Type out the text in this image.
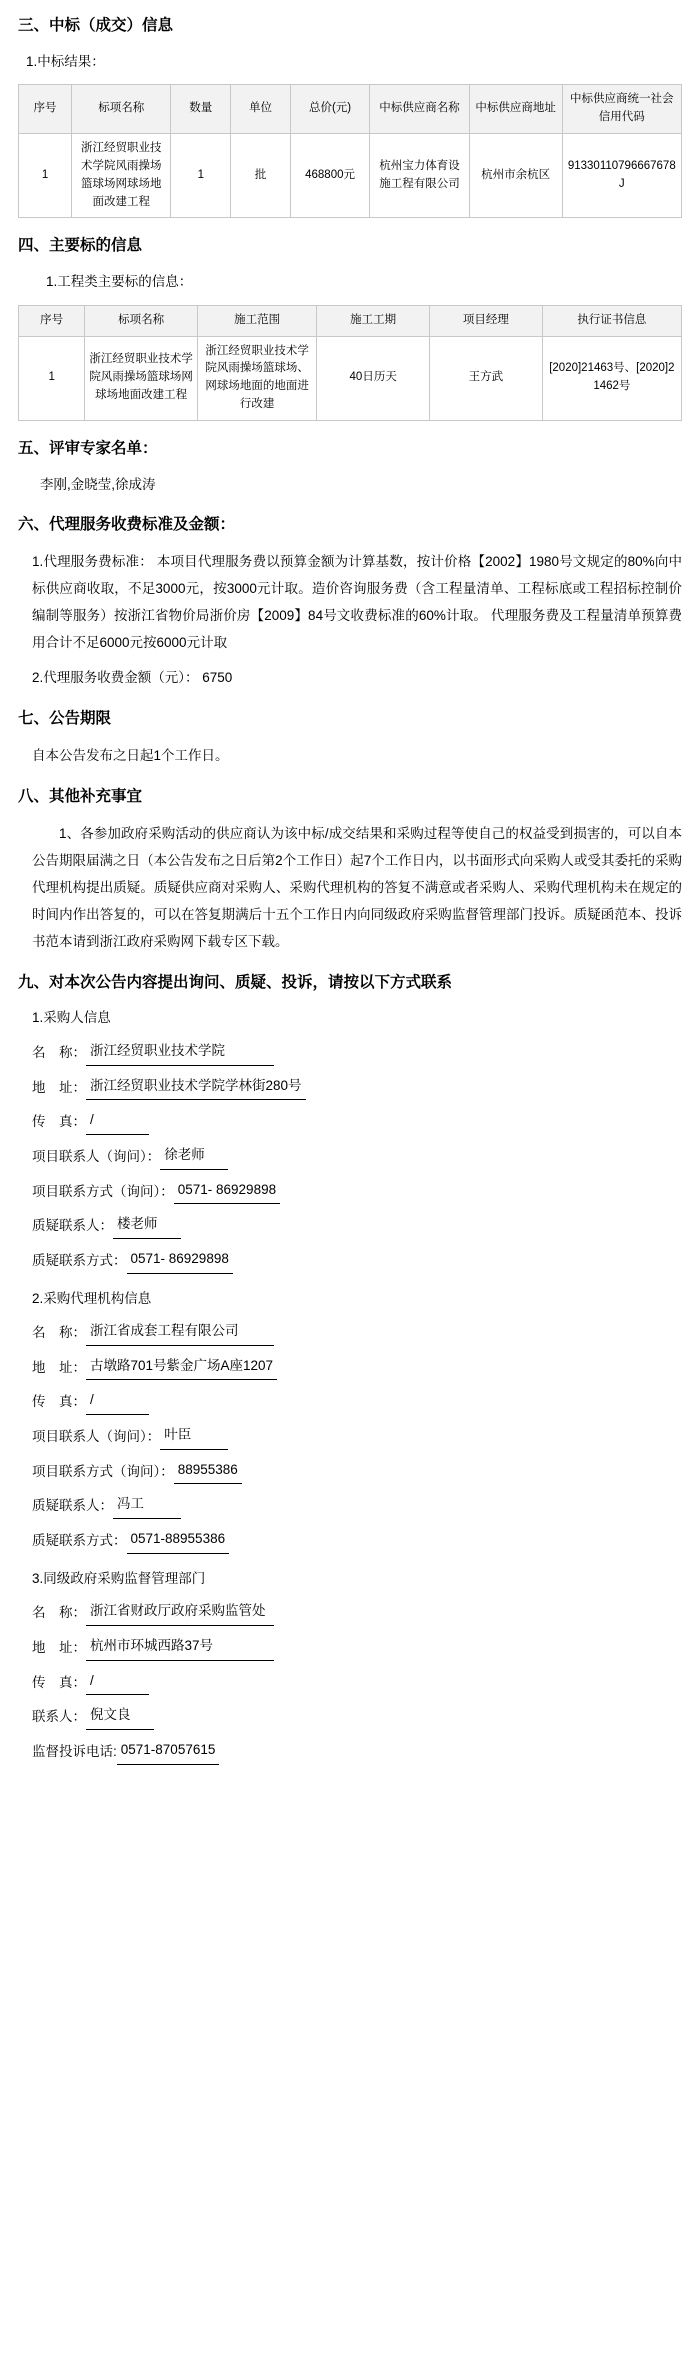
三、中标（成交）信息
1.中标结果：
序号	标项名称	数量	单位	总价(元)	中标供应商名称	中标供应商地址	中标供应商统一社会信用代码
1	浙江经贸职业技术学院风雨操场篮球场网球场地面改建工程	1	批	468800元	杭州宝力体育设施工程有限公司	杭州市余杭区	91330110796667678J
四、主要标的信息
1.工程类主要标的信息：
序号	标项名称	施工范围	施工工期	项目经理	执行证书信息
1	浙江经贸职业技术学院风雨操场篮球场网球场地面改建工程	浙江经贸职业技术学院风雨操场篮球场、网球场地面的地面进行改建	40日历天	王方武	[2020]21463号、[2020]21462号
五、评审专家名单：
李刚,金晓莹,徐成涛
六、代理服务收费标准及金额：
1.代理服务费标准： 本项目代理服务费以预算金额为计算基数，按计价格【2002】1980号文规定的80%向中标供应商收取，不足3000元，按3000元计取。造价咨询服务费（含工程量清单、工程标底或工程招标控制价编制等服务）按浙江省物价局浙价房【2009】84号文收费标准的60%计取。 代理服务费及工程量清单预算费用合计不足6000元按6000元计取
2.代理服务收费金额（元）： 6750
七、公告期限
自本公告发布之日起1个工作日。
八、其他补充事宜
1、各参加政府采购活动的供应商认为该中标/成交结果和采购过程等使自己的权益受到损害的，可以自本公告期限届满之日（本公告发布之日后第2个工作日）起7个工作日内，以书面形式向采购人或受其委托的采购代理机构提出质疑。质疑供应商对采购人、采购代理机构的答复不满意或者采购人、采购代理机构未在规定的时间内作出答复的，可以在答复期满后十五个工作日内向同级政府采购监督管理部门投诉。质疑函范本、投诉书范本请到浙江政府采购网下载专区下载。
九、对本次公告内容提出询问、质疑、投诉，请按以下方式联系
1.采购人信息
名　称： 浙江经贸职业技术学院
地　址： 浙江经贸职业技术学院学林街280号
传　真： /
项目联系人（询问）： 徐老师
项目联系方式（询问）： 0571- 86929898
质疑联系人： 楼老师
质疑联系方式： 0571- 86929898
2.采购代理机构信息
名　称： 浙江省成套工程有限公司
地　址： 古墩路701号紫金广场A座1207
传　真： /
项目联系人（询问）： 叶臣
项目联系方式（询问）： 88955386
质疑联系人： 冯工
质疑联系方式： 0571-88955386
3.同级政府采购监督管理部门
名　称： 浙江省财政厅政府采购监管处
地　址： 杭州市环城西路37号
传　真： /
联系人： 倪文良
监督投诉电话: 0571-87057615
